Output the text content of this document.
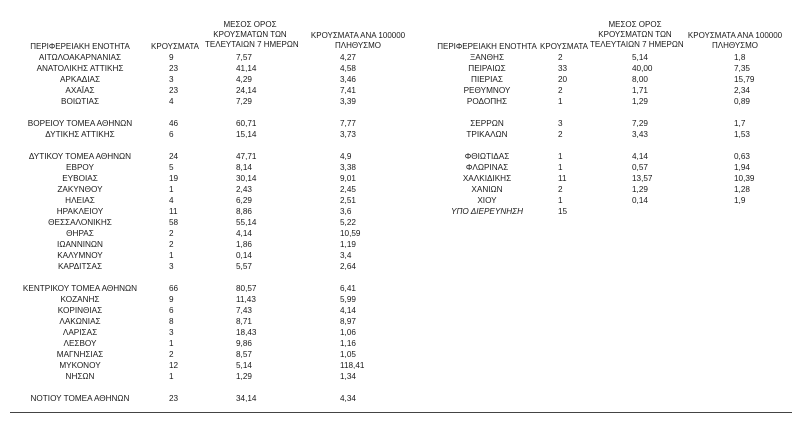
ΠΕΡΙΦΕΡΕΙΑΚΗ ΕΝΟΤΗΤΑ	ΚΡΟΥΣΜΑΤΑ
ΜΕΣΟΣ ΟΡΟΣ
ΚΡΟΥΣΜΑΤΩΝ ΤΩΝ
ΤΕΛΕΥΤΑΙΩΝ 7 ΗΜΕΡΩΝ
ΚΡΟΥΣΜΑΤΑ ΑΝΑ 100000
ΠΛΗΘΥΣΜΟ
ΑΙΤΩΛΟΑΚΑΡΝΑΝΙΑΣ	9	7,57	4,27
ΑΝΑΤΟΛΙΚΗΣ ΑΤΤΙΚΗΣ	23	41,14	4,58
ΑΡΚΑΔΙΑΣ	3	4,29	3,46
ΑΧΑΪΑΣ	23	24,14	7,41
ΒΟΙΩΤΙΑΣ	4	7,29	3,39
ΒΟΡΕΙΟΥ ΤΟΜΕΑ ΑΘΗΝΩΝ	46	60,71	7,77
ΔΥΤΙΚΗΣ ΑΤΤΙΚΗΣ	6	15,14	3,73
ΔΥΤΙΚΟΥ ΤΟΜΕΑ ΑΘΗΝΩΝ	24	47,71	4,9
ΕΒΡΟΥ	5	8,14	3,38
ΕΥΒΟΙΑΣ	19	30,14	9,01
ΖΑΚΥΝΘΟΥ	1	2,43	2,45
ΗΛΕΙΑΣ	4	6,29	2,51
ΗΡΑΚΛΕΙΟΥ	11	8,86	3,6
ΘΕΣΣΑΛΟΝΙΚΗΣ	58	55,14	5,22
ΘΗΡΑΣ	2	4,14	10,59
ΙΩΑΝΝΙΝΩΝ	2	1,86	1,19
ΚΑΛΥΜΝΟΥ	1	0,14	3,4
ΚΑΡΔΙΤΣΑΣ	3	5,57	2,64
ΚΕΝΤΡΙΚΟΥ ΤΟΜΕΑ ΑΘΗΝΩΝ	66	80,57	6,41
ΚΟΖΑΝΗΣ	9	11,43	5,99
ΚΟΡΙΝΘΙΑΣ	6	7,43	4,14
ΛΑΚΩΝΙΑΣ	8	8,71	8,97
ΛΑΡΙΣΑΣ	3	18,43	1,06
ΛΕΣΒΟΥ	1	9,86	1,16
ΜΑΓΝΗΣΙΑΣ	2	8,57	1,05
ΜΥΚΟΝΟΥ	12	5,14	118,41
ΝΗΣΩΝ	1	1,29	1,34
ΝΟΤΙΟΥ ΤΟΜΕΑ ΑΘΗΝΩΝ	23	34,14	4,34
ΠΕΡΙΦΕΡΕΙΑΚΗ ΕΝΟΤΗΤΑ ΚΡΟΥΣΜΑΤΑ
ΜΕΣΟΣ ΟΡΟΣ
ΚΡΟΥΣΜΑΤΩΝ ΤΩΝ
ΤΕΛΕΥΤΑΙΩΝ 7 ΗΜΕΡΩΝ
ΚΡΟΥΣΜΑΤΑ ΑΝΑ 100000
ΠΛΗΘΥΣΜΟ
ΞΑΝΘΗΣ	2	5,14	1,8
ΠΕΙΡΑΙΩΣ	33	40,00	7,35
ΠΙΕΡΙΑΣ	20	8,00	15,79
ΡΕΘΥΜΝΟΥ	2	1,71	2,34
ΡΟΔΟΠΗΣ	1	1,29	0,89
ΣΕΡΡΩΝ	3	7,29	1,7
ΤΡΙΚΑΛΩΝ	2	3,43	1,53
ΦΘΙΩΤΙΔΑΣ	1	4,14	0,63
ΦΛΩΡΙΝΑΣ	1	0,57	1,94
ΧΑΛΚΙΔΙΚΗΣ	11	13,57	10,39
ΧΑΝΙΩΝ	2	1,29	1,28
ΧΙΟΥ	1	0,14	1,9
ΥΠΟ ΔΙΕΡΕΥΝΗΣΗ	15
